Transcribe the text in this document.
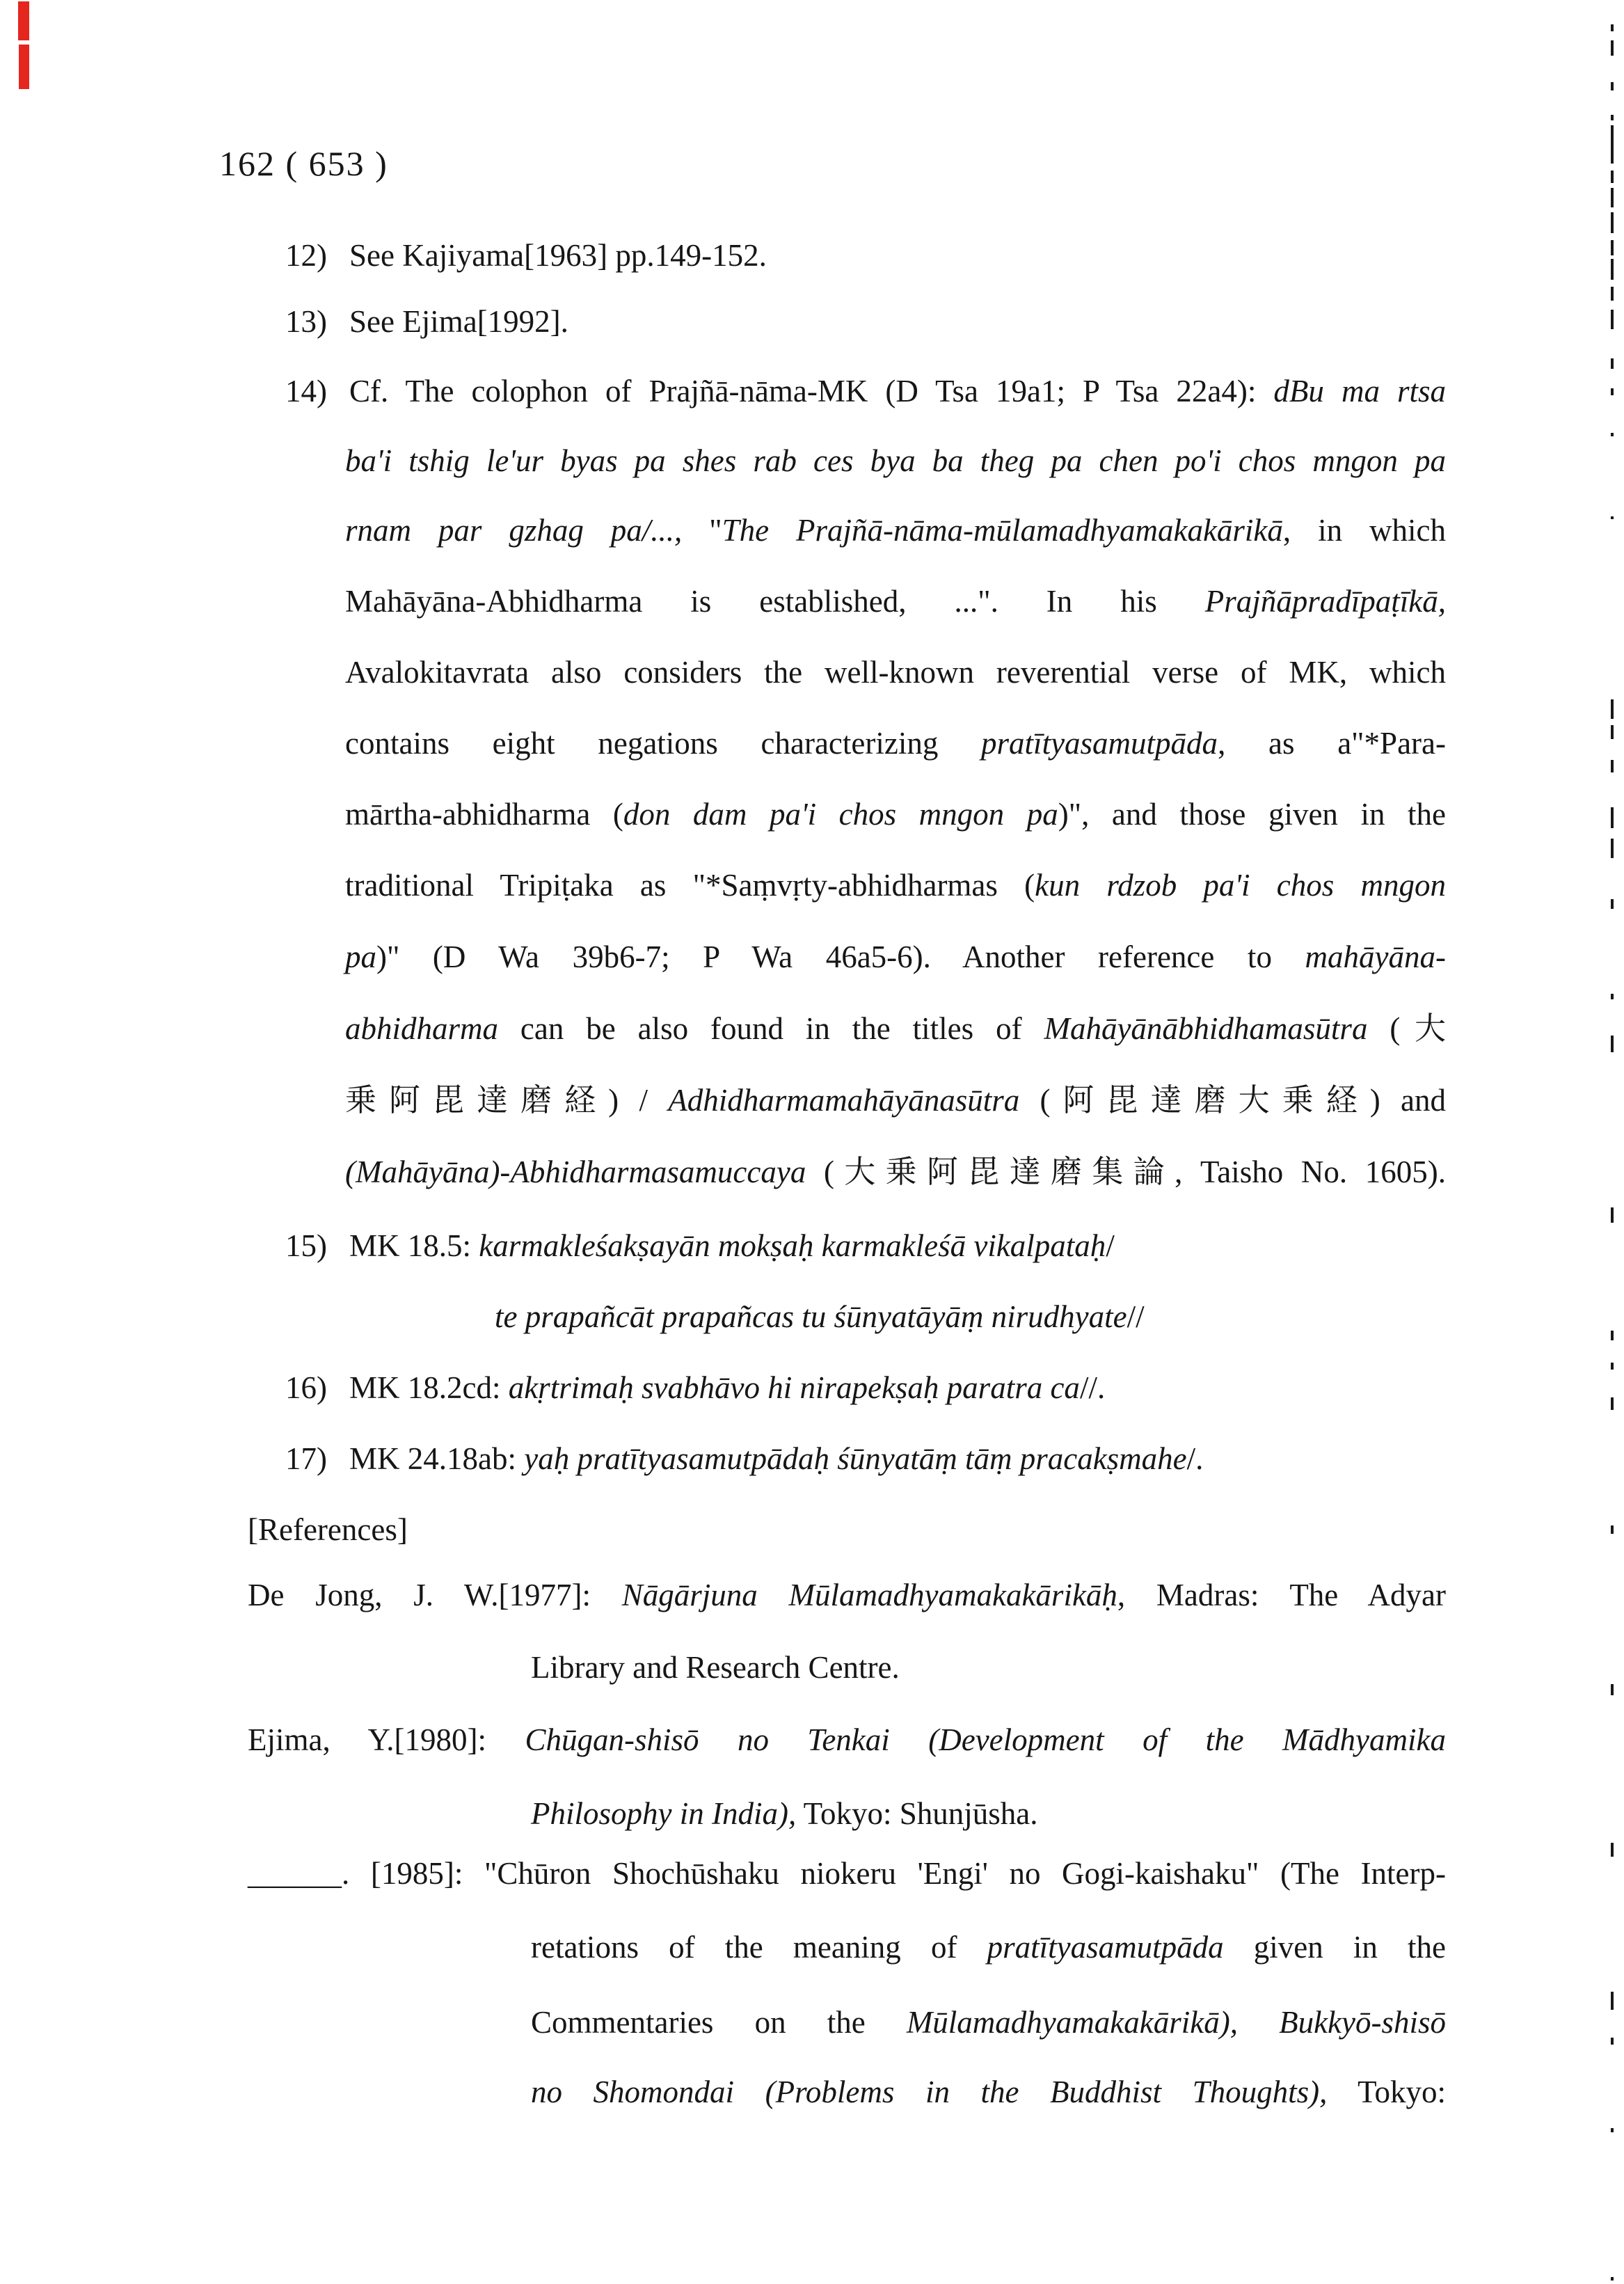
162 ( 653 )
12) See Kajiyama[1963] pp.149-152.
13) See Ejima[1992].
14) Cf. The colophon of Prajñā-nāma-MK (D Tsa 19a1; P Tsa 22a4): dBu ma rtsa
ba'i tshig le'ur byas pa shes rab ces bya ba theg pa chen po'i chos mngon pa
rnam par gzhag pa/..., "The Prajñā-nāma-mūlamadhyamakakārikā, in which
Mahāyāna-Abhidharma is established, ...". In his Prajñāpradīpaṭīkā,
Avalokitavrata also considers the well-known reverential verse of MK, which
contains eight negations characterizing pratītyasamutpāda, as a"*Para-
mārtha-abhidharma (don dam pa'i chos mngon pa)", and those given in the
traditional Tripiṭaka as "*Saṃvṛty-abhidharmas (kun rdzob pa'i chos mngon
pa)" (D Wa 39b6-7; P Wa 46a5-6). Another reference to mahāyāna-
abhidharma can be also found in the titles of Mahāyānābhidhamasūtra (大
乗阿毘達磨経) / Adhidharmamahāyānasūtra (阿毘達磨大乗経) and
(Mahāyāna)-Abhidharmasamuccaya (大乗阿毘達磨集論, Taisho No. 1605).
15) MK 18.5: karmakleśakṣayān mokṣaḥ karmakleśā vikalpataḥ/
te prapañcāt prapañcas tu śūnyatāyāṃ nirudhyate//
16) MK 18.2cd: akṛtrimaḥ svabhāvo hi nirapekṣaḥ paratra ca//.
17) MK 24.18ab: yaḥ pratītyasamutpādaḥ śūnyatāṃ tāṃ pracakṣmahe/.
[References]
De Jong, J. W.[1977]: Nāgārjuna Mūlamadhyamakakārikāḥ, Madras: The Adyar
Library and Research Centre.
Ejima, Y.[1980]: Chūgan-shisō no Tenkai (Development of the Mādhyamika
Philosophy in India), Tokyo: Shunjūsha.
______. [1985]: "Chūron Shochūshaku niokeru 'Engi' no Gogi-kaishaku" (The Interp-
retations of the meaning of pratītyasamutpāda given in the
Commentaries on the Mūlamadhyamakakārikā), Bukkyō-shisō
no Shomondai (Problems in the Buddhist Thoughts), Tokyo:
